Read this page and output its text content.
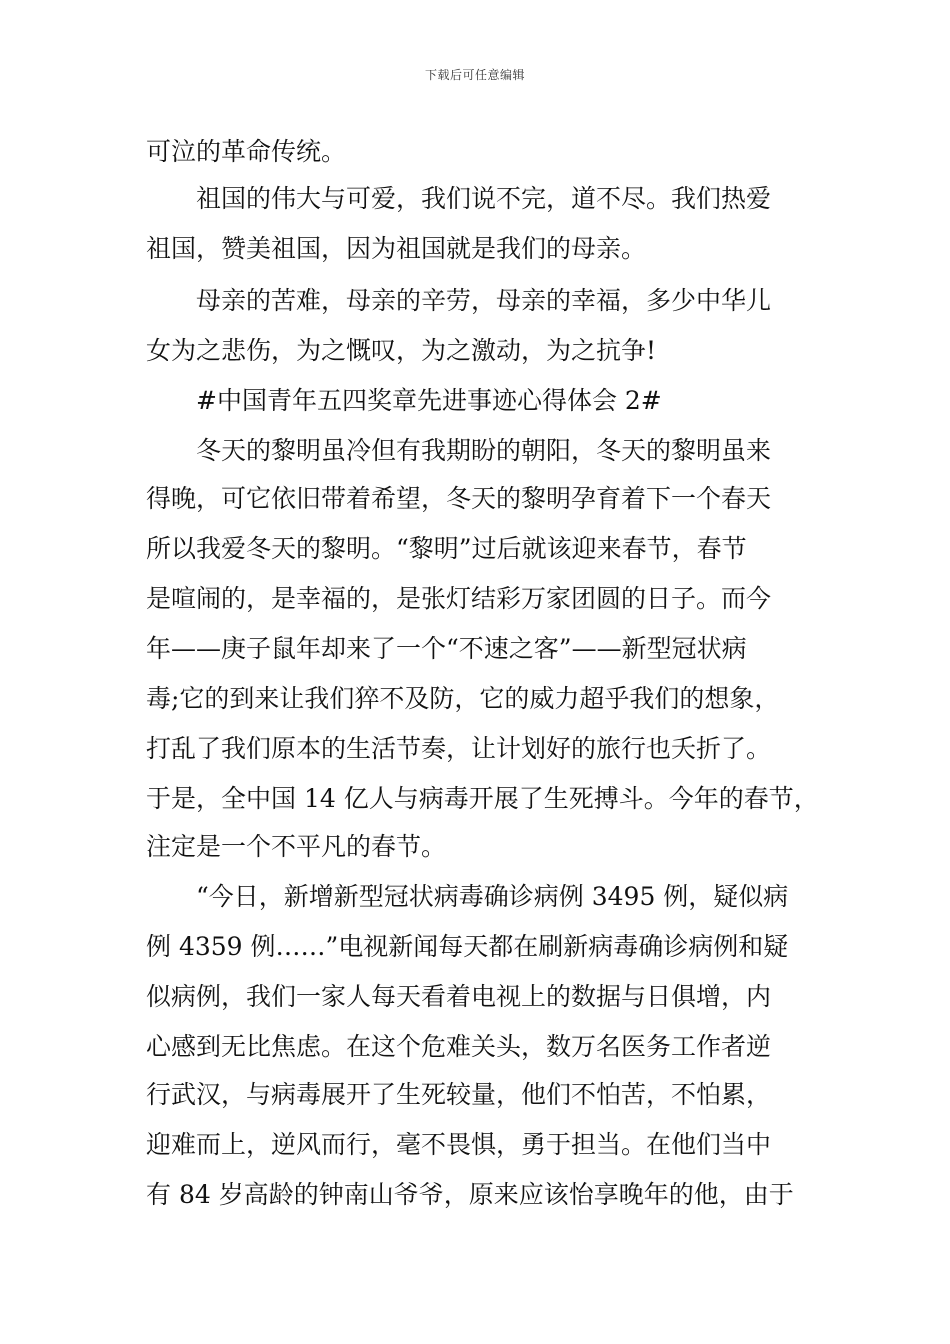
下载后可任意编辑
可泣的革命传统。
祖国的伟大与可爱，我们说不完，道不尽。我们热爱
祖国，赞美祖国，因为祖国就是我们的母亲。
母亲的苦难，母亲的辛劳，母亲的幸福，多少中华儿
女为之悲伤，为之慨叹，为之激动，为之抗争!
#中国青年五四奖章先进事迹心得体会 2#
冬天的黎明虽冷但有我期盼的朝阳，冬天的黎明虽来
得晚，可它依旧带着希望，冬天的黎明孕育着下一个春天
所以我爱冬天的黎明。“黎明”过后就该迎来春节，春节
是喧闹的，是幸福的，是张灯结彩万家团圆的日子。而今
年——庚子鼠年却来了一个“不速之客”——新型冠状病
毒;它的到来让我们猝不及防，它的威力超乎我们的想象，
打乱了我们原本的生活节奏，让计划好的旅行也夭折了。
于是，全中国 14 亿人与病毒开展了生死搏斗。今年的春节，
注定是一个不平凡的春节。
“今日，新增新型冠状病毒确诊病例 3495 例，疑似病
例 4359 例……”电视新闻每天都在刷新病毒确诊病例和疑
似病例，我们一家人每天看着电视上的数据与日俱增，内
心感到无比焦虑。在这个危难关头，数万名医务工作者逆
行武汉，与病毒展开了生死较量，他们不怕苦，不怕累，
迎难而上，逆风而行，毫不畏惧，勇于担当。在他们当中
有 84 岁高龄的钟南山爷爷，原来应该怡享晚年的他，由于
